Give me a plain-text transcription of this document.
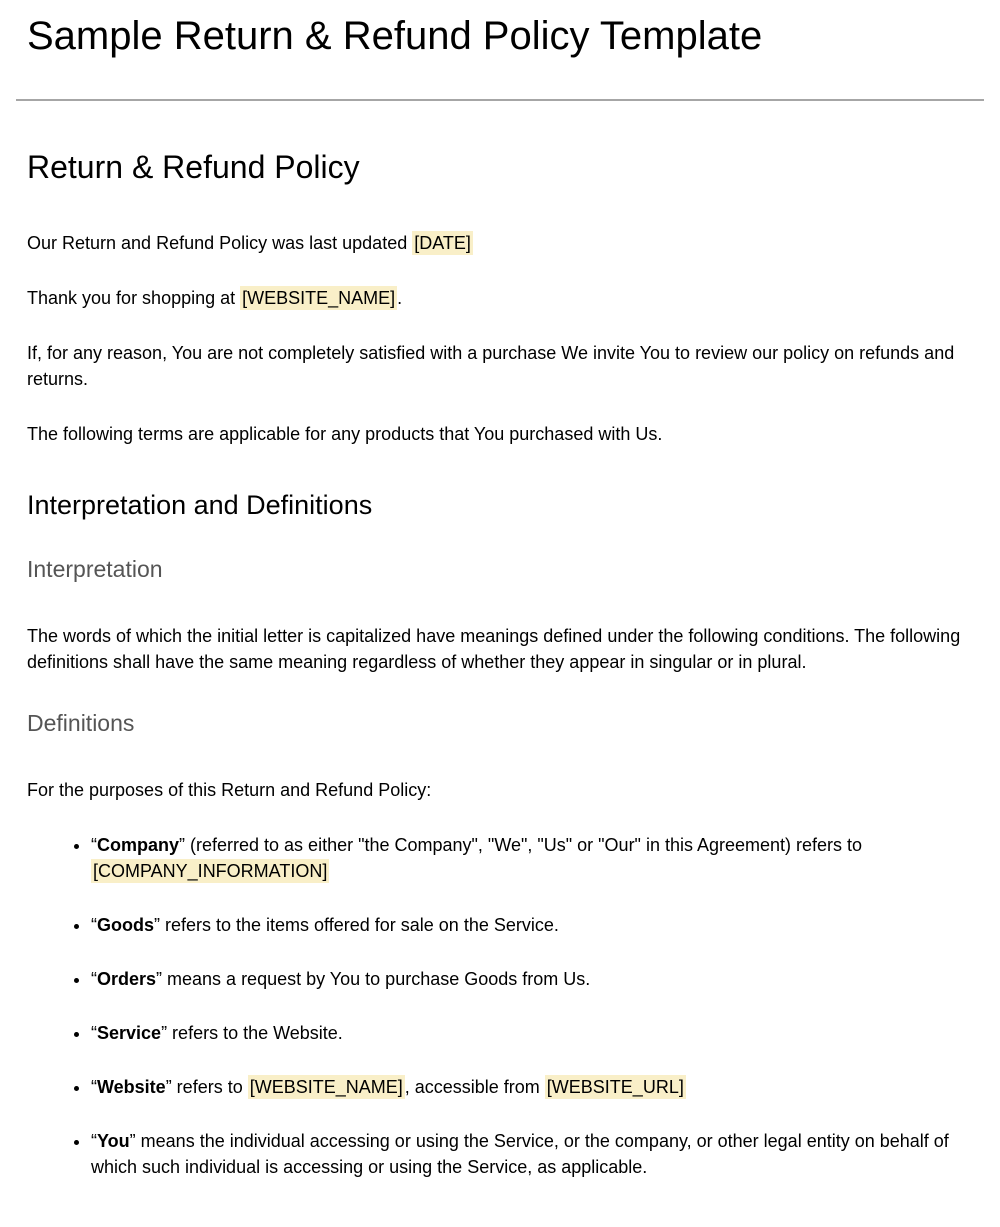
Sample Return & Refund Policy Template
Return & Refund Policy

Our Return and Refund Policy was last updated [DATE]

Thank you for shopping at [WEBSITE_NAME] .

If, for any reason, You are not completely satisfied with a purchase We invite You to review our policy on refunds and returns.

The following terms are applicable for any products that You purchased with Us.

Interpretation and Definitions
Interpretation

The words of which the initial letter is capitalized have meanings defined under the following conditions. The following definitions shall have the same meaning regardless of whether they appear in singular or in plural.

Definitions

For the purposes of this Return and Refund Policy:

• “Company” (referred to as either "the Company", "We", "Us" or "Our" in this Agreement) refers to [COMPANY_INFORMATION]
• “Goods” refers to the items offered for sale on the Service.
• “Orders” means a request by You to purchase Goods from Us.
• “Service” refers to the Website.
• “Website” refers to [WEBSITE_NAME] , accessible from [WEBSITE_URL]
• “You” means the individual accessing or using the Service, or the company, or other legal entity on behalf of which such individual is accessing or using the Service, as applicable.
